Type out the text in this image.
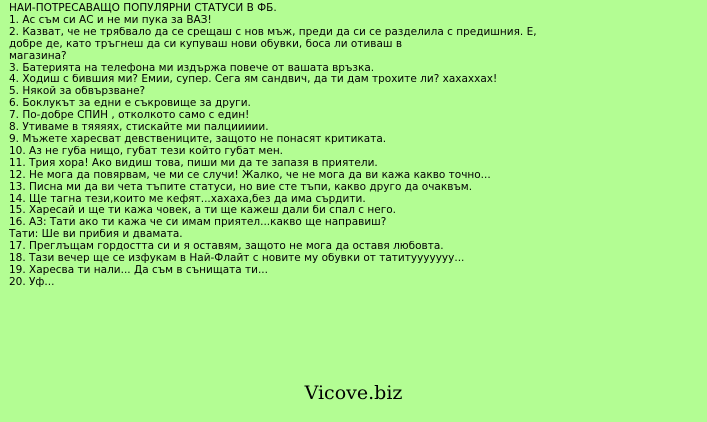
НАЙ-ПОТРЕСАВАЩО ПОПУЛЯРНИ СТАТУСИ В ФБ.
1. Ас съм си АС и не ми пука за ВАЗ!
2. Казват, че не трябвало да се срещаш с нов мъж, преди да си се разделила с предишния. Е,
добре де, като тръгнеш да си купуваш нови обувки, боса ли отиваш в
магазина?
3. Батерията на телефона ми издържа повече от вашата връзка.
4. Ходиш с бившия ми? Емии, супер. Сега ям сандвич, да ти дам трохите ли? хахаххах!
5. Някой за обвързване?
6. Боклукът за едни е съкровище за други.
7. По-добре СПИН , отколкото само с един!
8. Утиваме в тяяяях, стискайте ми палциииии.
9. Мъжете харесват девствениците, защото не понасят критиката.
10. Аз не губа нищо, губат тези който губат мен.
11. Трия хора! Ако видиш това, пиши ми да те запазя в приятели.
12. Не мога да повярвам, че ми се случи! Жалко, че не мога да ви кажа какво точно...
13. Писна ми да ви чета тъпите статуси, но вие сте тъпи, какво друго да очаквъм.
14. Ще тагна тези,които ме кефят...хахаха,без да има сърдити.
15. Харесай и ще ти кажа човек, а ти ще кажеш дали би спал с него.
16. АЗ: Тати ако ти кажа че си имам приятел...какво ще направиш?
Тати: Ше ви прибия и двамата.
17. Преглъщам гордостта си и я оставям, защото не мога да оставя любовта.
18. Тази вечер ще се изфукам в Най-Флайт с новите му обувки от татитууууууу...
19. Харесва ти нали... Да съм в сънищата ти...
20. Уф...
Vicove.biz
